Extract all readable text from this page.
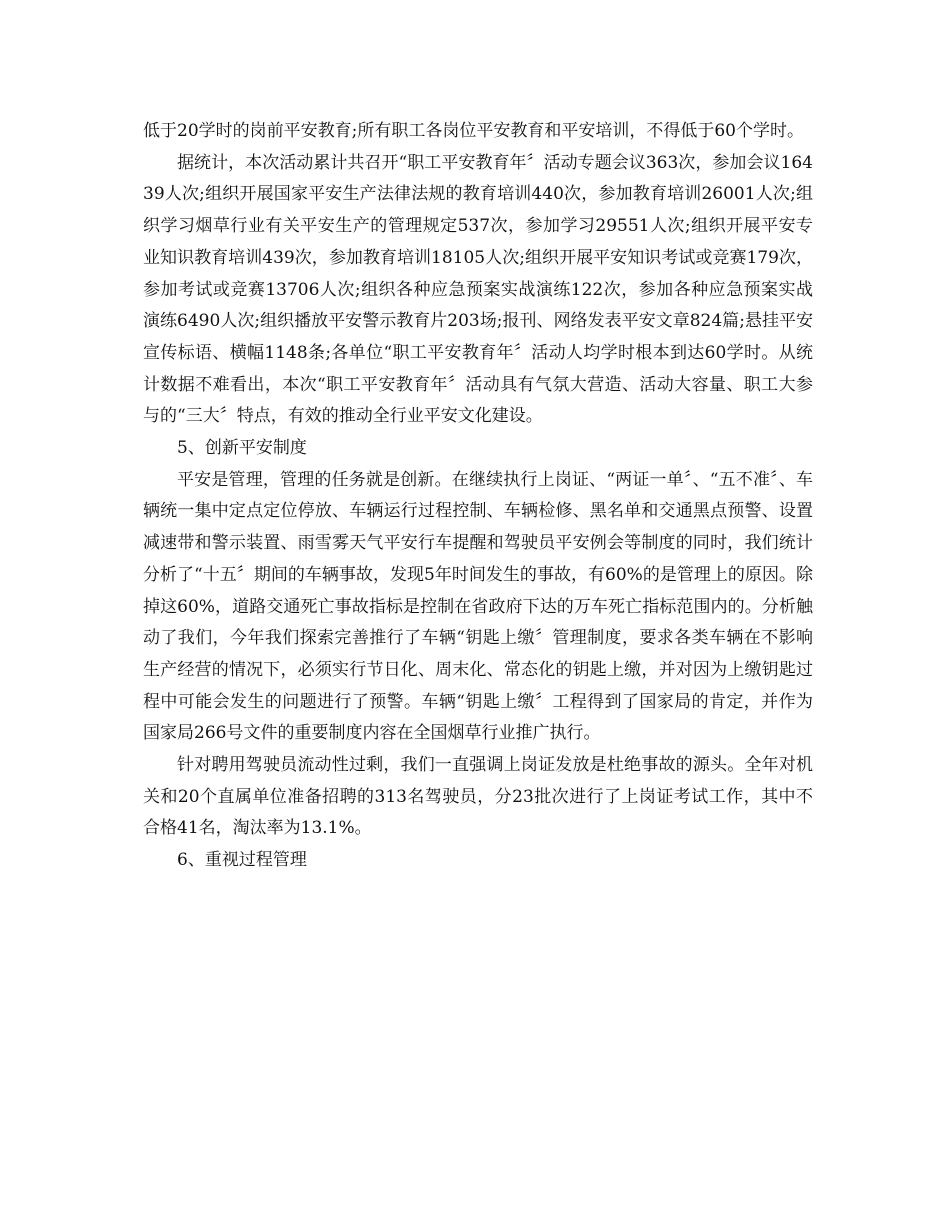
低于20学时的岗前平安教育;所有职工各岗位平安教育和平安培训，不得低于60个学时。

据统计，本次活动累计共召开“职工平安教育年〞活动专题会议363次，参加会议16439人次;组织开展国家平安生产法律法规的教育培训440次，参加教育培训26001人次;组织学习烟草行业有关平安生产的管理规定537次，参加学习29551人次;组织开展平安专业知识教育培训439次，参加教育培训18105人次;组织开展平安知识考试或竞赛179次，参加考试或竞赛13706人次;组织各种应急预案实战演练122次，参加各种应急预案实战演练6490人次;组织播放平安警示教育片203场;报刊、网络发表平安文章824篇;悬挂平安宣传标语、横幅1148条;各单位“职工平安教育年〞活动人均学时根本到达60学时。从统计数据不难看出，本次“职工平安教育年〞活动具有气氛大营造、活动大容量、职工大参与的“三大〞特点，有效的推动全行业平安文化建设。

5、创新平安制度

平安是管理，管理的任务就是创新。在继续执行上岗证、“两证一单〞、“五不准〞、车辆统一集中定点定位停放、车辆运行过程控制、车辆检修、黑名单和交通黑点预警、设置减速带和警示装置、雨雪雾天气平安行车提醒和驾驶员平安例会等制度的同时，我们统计分析了“十五〞期间的车辆事故，发现5年时间发生的事故，有60%的是管理上的原因。除掉这60%，道路交通死亡事故指标是控制在省政府下达的万车死亡指标范围内的。分析触动了我们，今年我们探索完善推行了车辆“钥匙上缴〞管理制度，要求各类车辆在不影响生产经营的情况下，必须实行节日化、周末化、常态化的钥匙上缴，并对因为上缴钥匙过程中可能会发生的问题进行了预警。车辆“钥匙上缴〞工程得到了国家局的肯定，并作为国家局266号文件的重要制度内容在全国烟草行业推广执行。

针对聘用驾驶员流动性过剩，我们一直强调上岗证发放是杜绝事故的源头。全年对机关和20个直属单位准备招聘的313名驾驶员，分23批次进行了上岗证考试工作，其中不合格41名，淘汰率为13.1%。

6、重视过程管理
